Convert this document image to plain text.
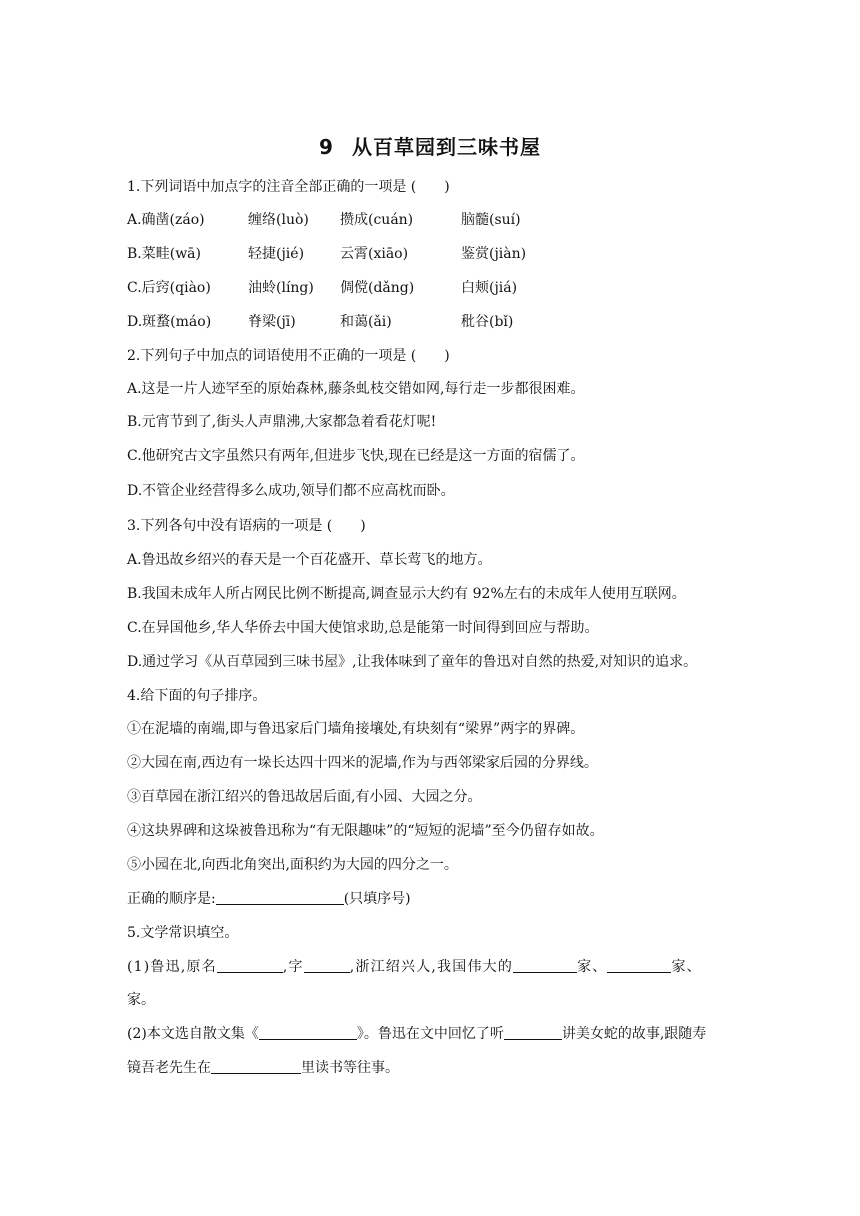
9 从百草园到三味书屋
1.下列词语中加点字的注音全部正确的一项是 (　　)
A.确凿(záo)	缠络(luò) 攒成(cuán)	脑髓(suí)
B.菜畦(wā)	轻捷(jié)	云霄(xiāo)	鉴赏(jiàn)
C.后窍(qiào)	油蛉(líng) 倜傥(dǎng)	白颊(jiá)
D.斑蝥(máo)	脊梁(jī)	和蔼(ǎi)	秕谷(bǐ)
2.下列句子中加点的词语使用不正确的一项是 (　　)
A.这是一片人迹罕至的原始森林,藤条虬枝交错如网,每行走一步都很困难。
B.元宵节到了,街头人声鼎沸,大家都急着看花灯呢!
C.他研究古文字虽然只有两年,但进步飞快,现在已经是这一方面的宿儒了。
D.不管企业经营得多么成功,领导们都不应高枕而卧。
3.下列各句中没有语病的一项是 (　　)
A.鲁迅故乡绍兴的春天是一个百花盛开、草长莺飞的地方。
B.我国未成年人所占网民比例不断提高,调查显示大约有 92%左右的未成年人使用互联网。
C.在异国他乡,华人华侨去中国大使馆求助,总是能第一时间得到回应与帮助。
D.通过学习《从百草园到三味书屋》,让我体味到了童年的鲁迅对自然的热爱,对知识的追求。
4.给下面的句子排序。
①在泥墙的南端,即与鲁迅家后门墙角接壤处,有块刻有“梁界”两字的界碑。
②大园在南,西边有一垛长达四十四米的泥墙,作为与西邻梁家后园的分界线。
③百草园在浙江绍兴的鲁迅故居后面,有小园、大园之分。
④这块界碑和这垛被鲁迅称为“有无限趣味”的“短短的泥墙”至今仍留存如故。
⑤小园在北,向西北角突出,面积约为大园的四分之一。
正确的顺序是:	(只填序号)
5.文学常识填空。
(1)鲁迅,原名	,字	,浙江绍兴人,我国伟大的	家、	家、
家。
(2)本文选自散文集《	》。鲁迅在文中回忆了听	讲美女蛇的故事,跟随寿
镜吾老先生在	里读书等往事。
